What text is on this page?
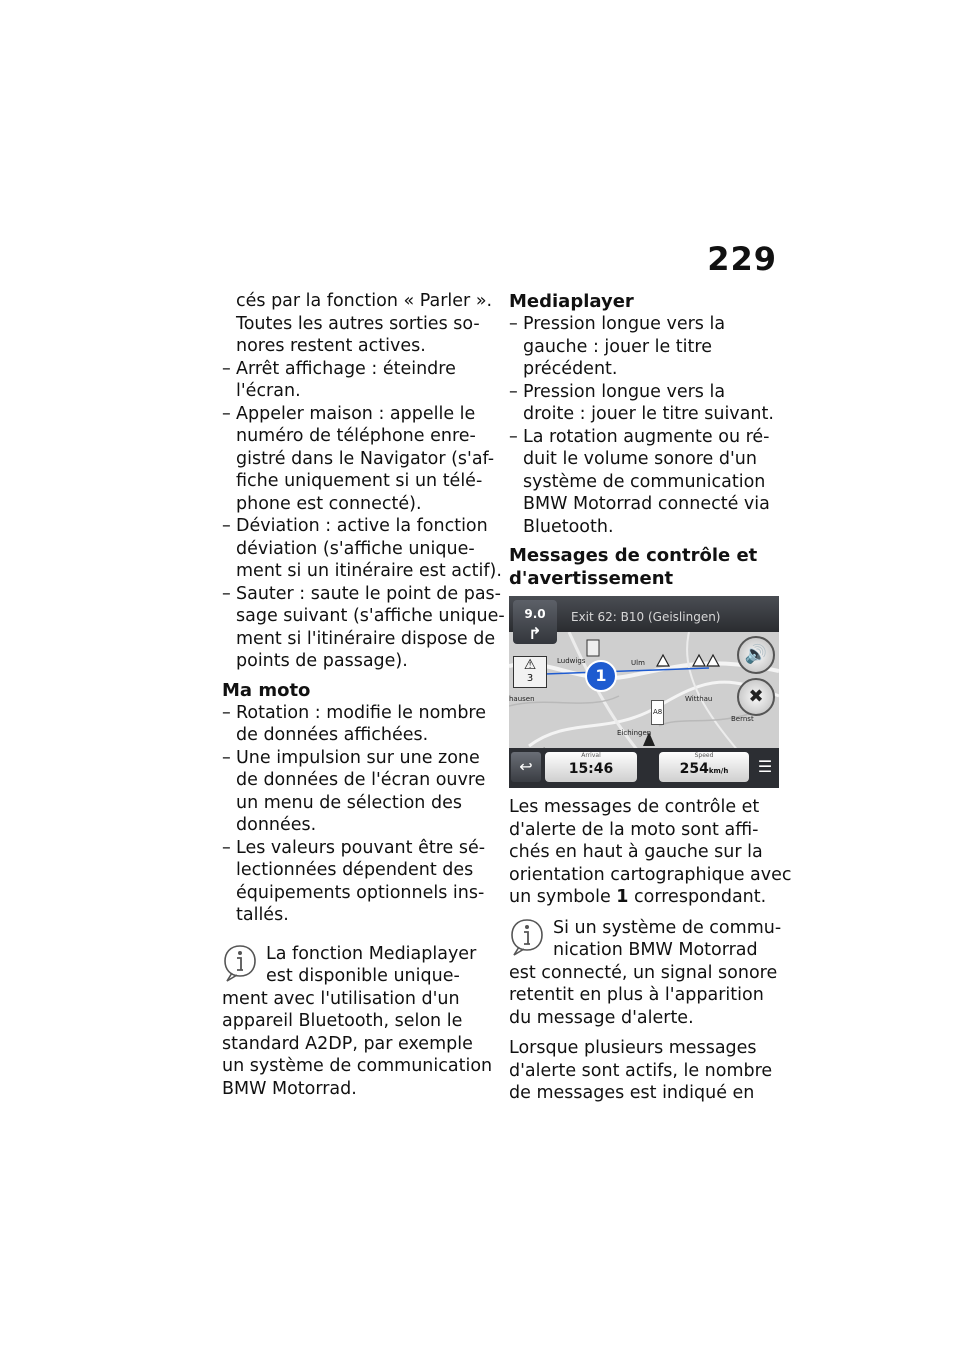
229
cés par la fonction « Parler ».
Toutes les autres sorties so-
nores restent actives.
– Arrêt affichage : éteindre
l'écran.
– Appeler maison : appelle le
numéro de téléphone enre-
gistré dans le Navigator (s'af-
fiche uniquement si un télé-
phone est connecté).
– Déviation : active la fonction
déviation (s'affiche unique-
ment si un itinéraire est actif).
– Sauter : saute le point de pas-
sage suivant (s'affiche unique-
ment si l'itinéraire dispose de
points de passage).
Ma moto
– Rotation : modifie le nombre
de données affichées.
– Une impulsion sur une zone
de données de l'écran ouvre
un menu de sélection des
données.
– Les valeurs pouvant être sé-
lectionnées dépendent des
équipements optionnels ins-
tallés.
La fonction Mediaplayer
est disponible unique-
ment avec l'utilisation d'un
appareil Bluetooth, selon le
standard A2DP, par exemple
un système de communication
BMW Motorrad.
Mediaplayer
– Pression longue vers la
gauche : jouer le titre
précédent.
– Pression longue vers la
droite : jouer le titre suivant.
– La rotation augmente ou ré-
duit le volume sonore d'un
système de communication
BMW Motorrad connecté via
Bluetooth.
Messages de contrôle et
d'avertissement
9.0
↱
Exit 62: B10 (Geislingen)
⚠
3	1
🔊
✖
Ludwigs
hausen	Witthau
Bernst
Eichingen
A8
Ulm
↩
Arrival
15:46
Speed
254km/h	☰
Les messages de contrôle et
d'alerte de la moto sont affi-
chés en haut à gauche sur la
orientation cartographique avec
un symbole 1 correspondant.
Si un système de commu-
nication BMW Motorrad
est connecté, un signal sonore
retentit en plus à l'apparition
du message d'alerte.
Lorsque plusieurs messages
d'alerte sont actifs, le nombre
de messages est indiqué en
